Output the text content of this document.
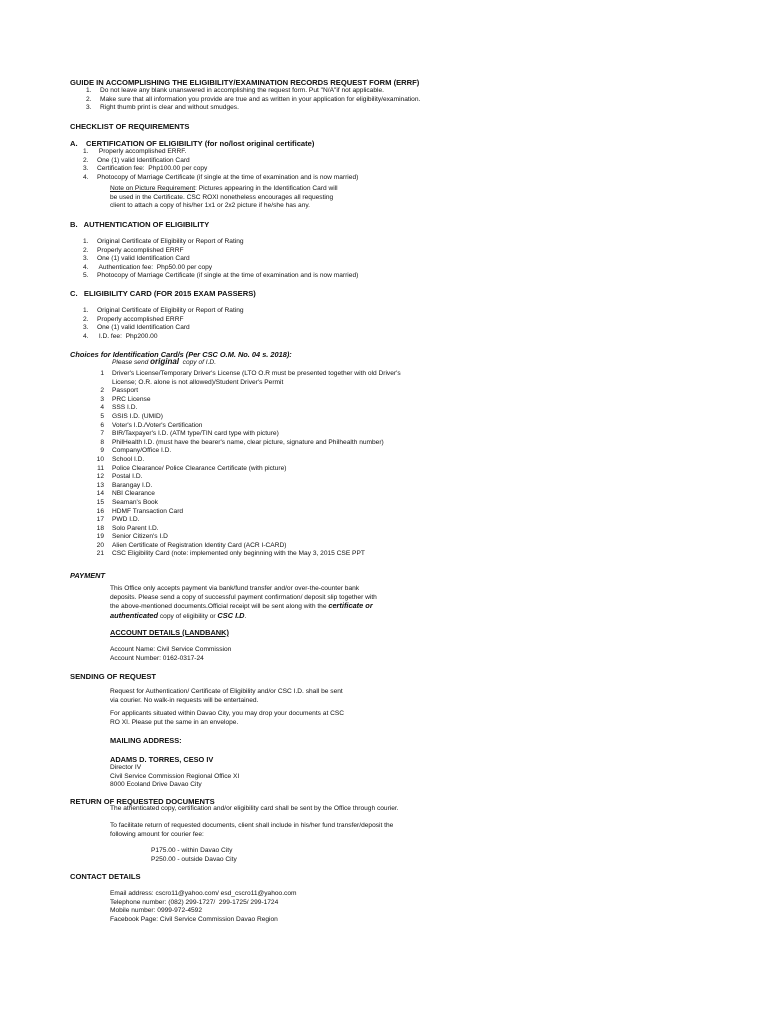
GUIDE IN ACCOMPLISHING THE ELIGIBILITY/EXAMINATION RECORDS REQUEST FORM (ERRF)
1. Do not leave any blank unanswered in accomplishing the request form. Put "N/A"if not applicable.
2. Make sure that all information you provide are true and as written in your application for eligibility/examination.
3. Right thumb print is clear and without smudges.
CHECKLIST OF REQUIREMENTS
A.    CERTIFICATION OF ELIGIBILITY (for no/lost original certificate)
1. Properly accomplished ERRF.
2. One (1) valid Identification Card
3. Certification fee:  Php100.00 per copy
4. Photocopy of Marriage Certificate (if single at the time of examination and is now married)
Note on Picture Requirement: Pictures appearing in the Identification Card will
be used in the Certificate. CSC ROXI nonetheless encourages all requesting
client to attach a copy of his/her 1x1 or 2x2 picture if he/she has any.
B.   AUTHENTICATION OF ELIGIBILITY
1. Original Certificate of Eligibility or Report of Rating
2. Properly accomplished ERRF
3. One (1) valid Identification Card
4. Authentication fee:  Php50.00 per copy
5. Photocopy of Marriage Certificate (if single at the time of examination and is now married)
C.   ELIGIBILITY CARD (FOR 2015 EXAM PASSERS)
1. Original Certificate of Eligibility or Report of Rating
2. Properly accomplished ERRF
3. One (1) valid Identification Card
4. I.D. fee:  Php200.00
Choices for Identification Card/s (Per CSC O.M. No. 04 s. 2018):
Please send original  copy of I.D.
1	Driver's License/Temporary Driver's License (LTO O.R must be presented together with old Driver's
License; O.R. alone is not allowed)/Student Driver's Permit
2	Passport
3	PRC License
4	SSS I.D.
5	GSIS I.D. (UMID)
6	Voter's I.D./Voter's Certification
7	BIR/Taxpayer's I.D. (ATM type/TIN card type with picture)
8	PhilHealth I.D. (must have the bearer's name, clear picture, signature and Philhealth number)
9	Company/Office I.D.
10	School I.D.
11	Police Clearance/ Police Clearance Certificate (with picture)
12	Postal I.D.
13	Barangay I.D.
14	NBI Clearance
15	Seaman's Book
16	HDMF Transaction Card
17	PWD I.D.
18	Solo Parent I.D.
19	Senior Citizen's I.D
20	Alien Certificate of Registration Identity Card (ACR I-CARD)
21	CSC Eligibility Card (note: implemented only beginning with the May 3, 2015 CSE PPT
PAYMENT
This Office only accepts payment via bank/fund transfer and/or over-the-counter bank
deposits. Please send a copy of successful payment confirmation/ deposit slip together with
the above-mentioned documents.Official receipt will be sent along with the certificate or
authenticated copy of eligibility or CSC I.D.
ACCOUNT DETAILS (LANDBANK)
Account Name: Civil Service Commission
Account Number: 0162-0317-24
SENDING OF REQUEST
Request for Authentication/ Certificate of Eligibility and/or CSC I.D. shall be sent
via courier. No walk-in requests will be entertained.
For applicants situated within Davao City, you may drop your documents at CSC
RO XI. Please put the same in an envelope.
MAILING ADDRESS:
ADAMS D. TORRES, CESO IV
Director IV
Civil Service Commission Regional Office XI
8000 Ecoland Drive Davao City
RETURN OF REQUESTED DOCUMENTS
The athenticated copy, certification and/or eligibility card shall be sent by the Office through courier.
To facilitate return of requested documents, client shall include in his/her fund transfer/deposit the
following amount for courier fee:
P175.00 - within Davao City
P250.00 - outside Davao City
CONTACT DETAILS
Email address: cscro11@yahoo.com/ esd_cscro11@yahoo.com
Telephone number: (082) 299-1727/  299-1725/ 299-1724
Mobile number: 0999-972-4592
Facebook Page: Civil Service Commission Davao Region
